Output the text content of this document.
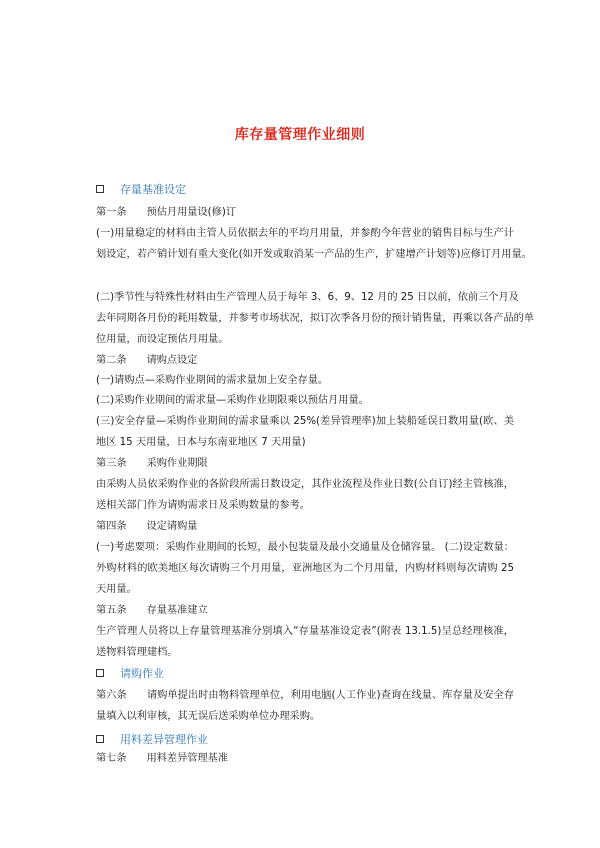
库存量管理作业细则
存量基准设定
第一条 预估月用量设(修)订
(一)用量稳定的材料由主管人员依据去年的平均月用量，并参酌今年营业的销售目标与生产计
划设定，若产销计划有重大变化(如开发或取消某一产品的生产，扩建增产计划等)应修订月用量。
(二)季节性与特殊性材料由生产管理人员于每年 3、6、9、12 月的 25 日以前，依前三个月及
去年同期各月份的耗用数量，并参考市场状况，拟订次季各月份的预计销售量，再乘以各产品的单
位用量，而设定预估月用量。
第二条 请购点设定
(一)请购点—采购作业期间的需求量加上安全存量。
(二)采购作业期间的需求量—采购作业期限乘以预估月用量。
(三)安全存量—采购作业期间的需求量乘以 25%(差异管理率)加上装船延误日数用量(欧、美
地区 15 天用量，日本与东南亚地区 7 天用量)
第三条 采购作业期限
由采购人员依采购作业的各阶段所需日数设定，其作业流程及作业日数(公自订)经主管核准，
送相关部门作为请购需求日及采购数量的参考。
第四条 设定请购量
(一)考虑要项：采购作业期间的长短，最小包装量及最小交通量及仓储容量。 (二)设定数量：
外购材料的欧美地区每次请购三个月用量，亚洲地区为二个月用量，内购材料则每次请购 25
天用量。
第五条 存量基准建立
生产管理人员将以上存量管理基准分别填入“存量基准设定表”(附表 13.1.5)呈总经理核准，
送物料管理建档。
请购作业
第六条 请购单提出时由物料管理单位，利用电脑(人工作业)查询在线量、库存量及安全存
量填入以利审核，其无误后送采购单位办理采购。
用料差异管理作业
第七条 用料差异管理基准
